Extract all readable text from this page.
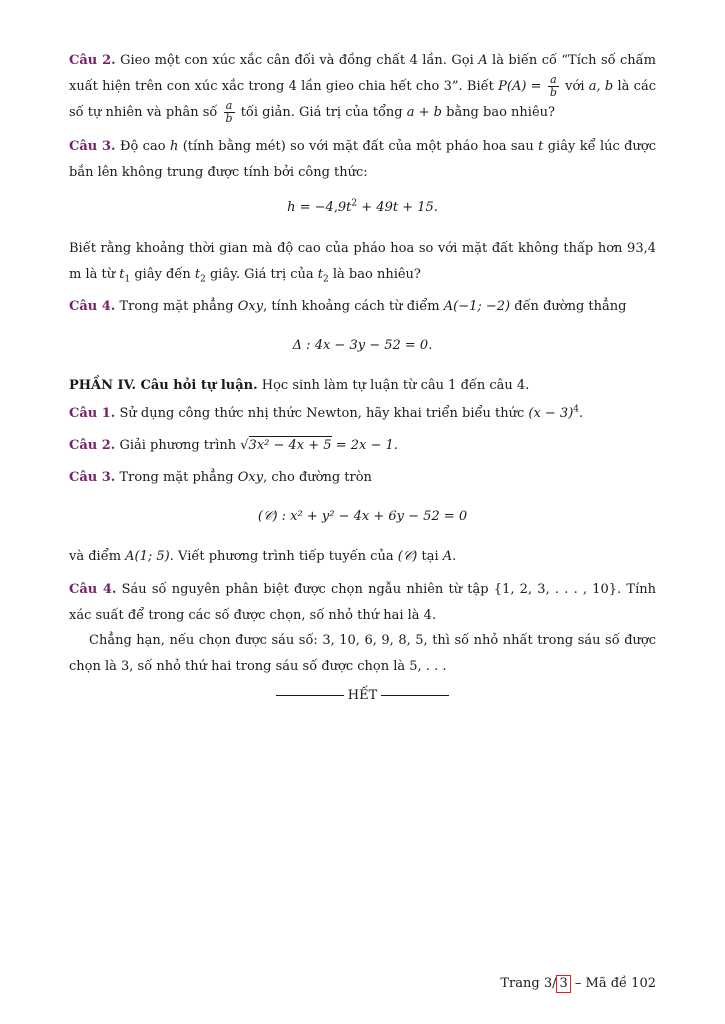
Câu 2. Gieo một con xúc xắc cân đối và đồng chất 4 lần. Gọi A là biến cố “Tích số chấm xuất hiện trên con xúc xắc trong 4 lần gieo chia hết cho 3”. Biết $P(A) = \frac{a}{b}$ với a, b là các số tự nhiên và phân số $\frac{a}{b}$ tối giản. Giá trị của tổng a + b bằng bao nhiêu?
Câu 3. Độ cao h (tính bằng mét) so với mặt đất của một pháo hoa sau t giây kể lúc được bắn lên không trung được tính bởi công thức:
$h = -4,9t^2 + 49t + 15$.
Biết rằng khoảng thời gian mà độ cao của pháo hoa so với mặt đất không thấp hơn 93,4 m là từ $t_1$ giây đến $t_2$ giây. Giá trị của $t_2$ là bao nhiêu?
Câu 4. Trong mặt phẳng Oxy, tính khoảng cách từ điểm A(−1; −2) đến đường thẳng
Δ : 4x − 3y − 52 = 0.
PHẦN IV. Câu hỏi tự luận. Học sinh làm tự luận từ câu 1 đến câu 4.
Câu 1. Sử dụng công thức nhị thức Newton, hãy khai triển biểu thức $(x - 3)^4$.
Câu 2. Giải phương trình √3x² − 4x + 5 = 2x − 1.
Câu 3. Trong mặt phẳng Oxy, cho đường tròn
(𝒞) : x² + y² − 4x + 6y − 52 = 0
và điểm A(1; 5). Viết phương trình tiếp tuyến của (𝒞) tại A.
Câu 4. Sáu số nguyên phân biệt được chọn ngẫu nhiên từ tập {1, 2, 3, . . . , 10}. Tính xác suất để trong các số được chọn, số nhỏ thứ hai là 4.
Chẳng hạn, nếu chọn được sáu số: 3, 10, 6, 9, 8, 5, thì số nhỏ nhất trong sáu số được chọn là 3, số nhỏ thứ hai trong sáu số được chọn là 5, . . .
HẾT
Trang 3/ 3 – Mã đề 102
